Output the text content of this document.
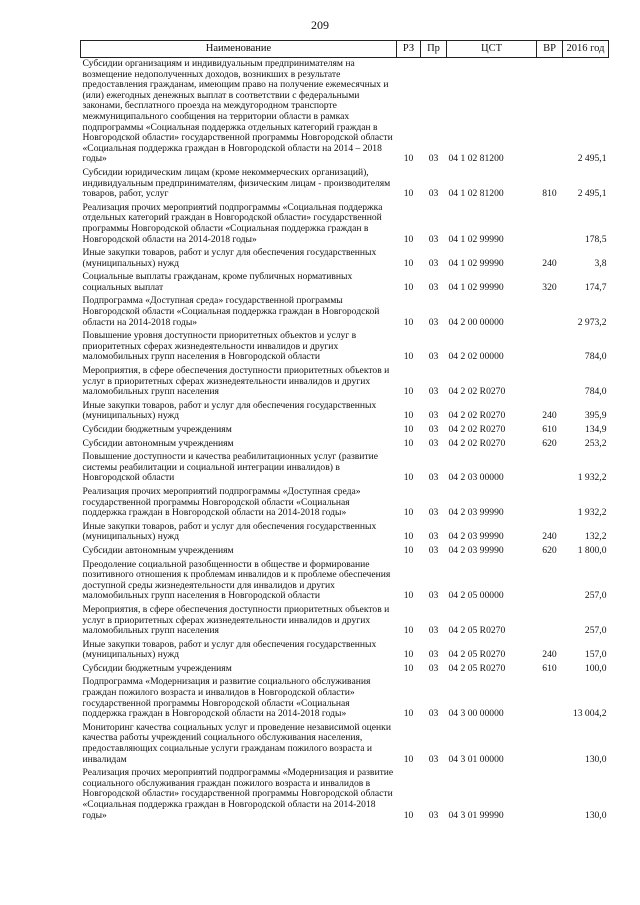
209
Наименование	РЗ	Пр	ЦСТ	ВР	2016 год
Субсидии организациям и индивидуальным предпринимателям на возмещение недополученных доходов, возникших в результате предоставления гражданам, имеющим право на получение ежемесячных и (или) ежегодных денежных выплат в соответствии с федеральными законами, бесплатного проезда на междугородном транспорте межмуниципального сообщения на территории области в рамках подпрограммы «Социальная поддержка отдельных категорий граждан в Новгородской области» государственной программы Новгородской области «Социальная поддержка граждан в Новгородской области на 2014 – 2018 годы»	10	03	04 1 02 81200		2 495,1
Субсидии юридическим лицам (кроме некоммерческих организаций), индивидуальным предпринимателям, физическим лицам - производителям товаров, работ, услуг	10	03	04 1 02 81200	810	2 495,1
Реализация прочих мероприятий подпрограммы «Социальная поддержка отдельных категорий граждан в Новгородской области» государственной программы Новгородской области «Социальная поддержка граждан в Новгородской области на 2014-2018 годы»	10	03	04 1 02 99990		178,5
Иные закупки товаров, работ и услуг для обеспечения государственных (муниципальных) нужд	10	03	04 1 02 99990	240	3,8
Социальные выплаты гражданам, кроме публичных нормативных социальных выплат	10	03	04 1 02 99990	320	174,7
Подпрограмма «Доступная среда» государственной программы Новгородской области «Социальная поддержка граждан в Новгородской области на 2014-2018 годы»	10	03	04 2 00 00000		2 973,2
Повышение уровня доступности приоритетных объектов и услуг в приоритетных сферах жизнедеятельности инвалидов и других маломобильных групп населения в Новгородской области	10	03	04 2 02 00000		784,0
Мероприятия, в сфере обеспечения доступности приоритетных объектов и услуг в приоритетных сферах жизнедеятельности инвалидов и других маломобильных групп населения	10	03	04 2 02 R0270		784,0
Иные закупки товаров, работ и услуг для обеспечения государственных (муниципальных) нужд	10	03	04 2 02 R0270	240	395,9
Субсидии бюджетным учреждениям	10	03	04 2 02 R0270	610	134,9
Субсидии автономным учреждениям	10	03	04 2 02 R0270	620	253,2
Повышение доступности и качества реабилитационных услуг (развитие системы реабилитации и социальной интеграции инвалидов) в Новгородской области	10	03	04 2 03 00000		1 932,2
Реализация прочих мероприятий подпрограммы «Доступная среда» государственной программы Новгородской области «Социальная поддержка граждан в Новгородской области на 2014-2018 годы»	10	03	04 2 03 99990		1 932,2
Иные закупки товаров, работ и услуг для обеспечения государственных (муниципальных) нужд	10	03	04 2 03 99990	240	132,2
Субсидии автономным учреждениям	10	03	04 2 03 99990	620	1 800,0
Преодоление социальной разобщенности в обществе и формирование позитивного отношения к проблемам инвалидов и к проблеме обеспечения доступной среды жизнедеятельности для инвалидов и других маломобильных групп населения в Новгородской области	10	03	04 2 05 00000		257,0
Мероприятия, в сфере обеспечения доступности приоритетных объектов и услуг в приоритетных сферах жизнедеятельности инвалидов и других маломобильных групп населения	10	03	04 2 05 R0270		257,0
Иные закупки товаров, работ и услуг для обеспечения государственных (муниципальных) нужд	10	03	04 2 05 R0270	240	157,0
Субсидии бюджетным учреждениям	10	03	04 2 05 R0270	610	100,0
Подпрограмма «Модернизация и развитие социального обслуживания граждан пожилого возраста и инвалидов в Новгородской области» государственной программы Новгородской области «Социальная поддержка граждан в Новгородской области на 2014-2018 годы»	10	03	04 3 00 00000		13 004,2
Мониторинг качества социальных услуг и проведение независимой оценки качества работы учреждений социального обслуживания населения, предоставляющих социальные услуги гражданам пожилого возраста и инвалидам	10	03	04 3 01 00000		130,0
Реализация прочих мероприятий подпрограммы «Модернизация и развитие социального обслуживания граждан пожилого возраста и инвалидов в Новгородской области» государственной программы Новгородской области «Социальная поддержка граждан в Новгородской области на 2014-2018 годы»	10	03	04 3 01 99990		130,0
